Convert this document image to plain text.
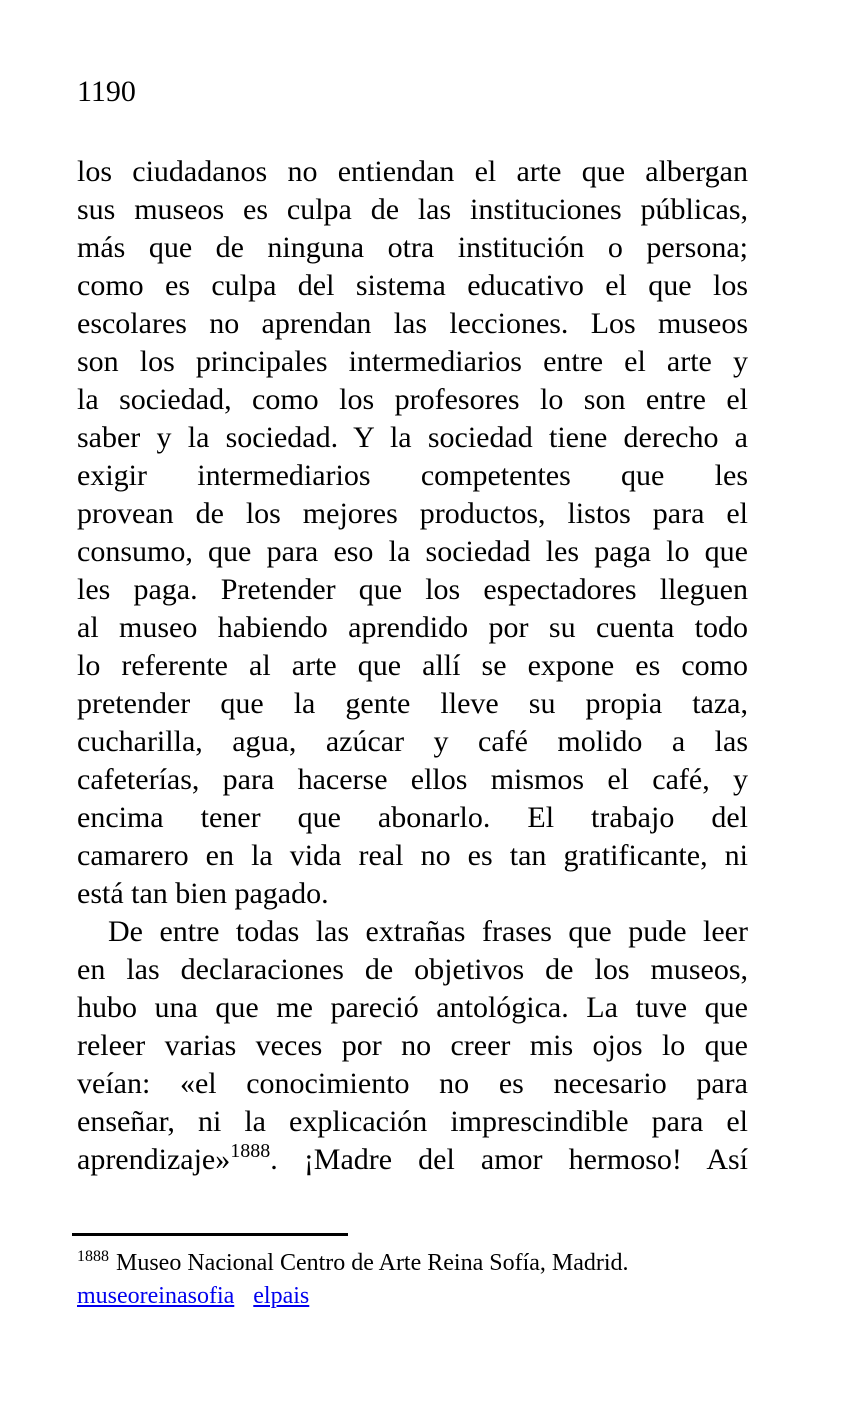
1190
los ciudadanos no entiendan el arte que albergan
sus museos es culpa de las instituciones públicas,
más que de ninguna otra institución o persona;
como es culpa del sistema educativo el que los
escolares no aprendan las lecciones. Los museos
son los principales intermediarios entre el arte y
la sociedad, como los profesores lo son entre el
saber y la sociedad. Y la sociedad tiene derecho a
exigir intermediarios competentes que les
provean de los mejores productos, listos para el
consumo, que para eso la sociedad les paga lo que
les paga. Pretender que los espectadores lleguen
al museo habiendo aprendido por su cuenta todo
lo referente al arte que allí se expone es como
pretender que la gente lleve su propia taza,
cucharilla, agua, azúcar y café molido a las
cafeterías, para hacerse ellos mismos el café, y
encima tener que abonarlo. El trabajo del
camarero en la vida real no es tan gratificante, ni
está tan bien pagado.
De entre todas las extrañas frases que pude leer
en las declaraciones de objetivos de los museos,
hubo una que me pareció antológica. La tuve que
releer varias veces por no creer mis ojos lo que
veían: «el conocimiento no es necesario para
enseñar, ni la explicación imprescindible para el
aprendizaje»$^{1888}$. ¡Madre del amor hermoso! Así
$^{1888}$ Museo Nacional Centro de Arte Reina Sofía, Madrid.
museoreinasofia elpais
